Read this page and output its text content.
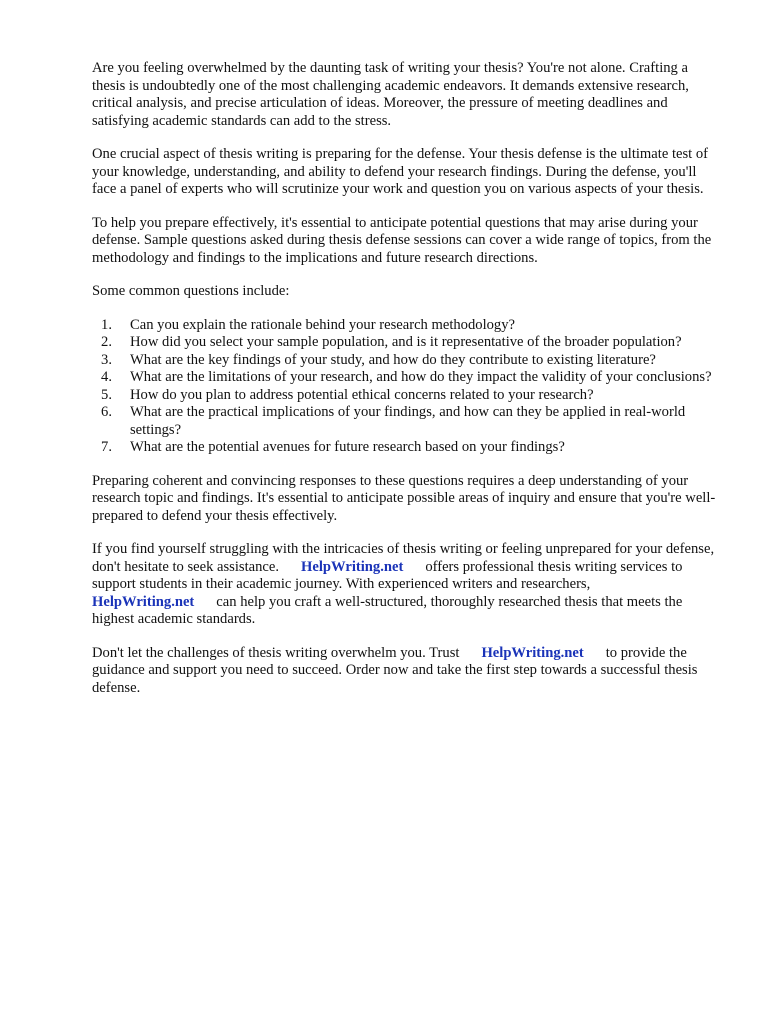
Are you feeling overwhelmed by the daunting task of writing your thesis? You're not alone. Crafting a thesis is undoubtedly one of the most challenging academic endeavors. It demands extensive research, critical analysis, and precise articulation of ideas. Moreover, the pressure of meeting deadlines and satisfying academic standards can add to the stress.

One crucial aspect of thesis writing is preparing for the defense. Your thesis defense is the ultimate test of your knowledge, understanding, and ability to defend your research findings. During the defense, you'll face a panel of experts who will scrutinize your work and question you on various aspects of your thesis.

To help you prepare effectively, it's essential to anticipate potential questions that may arise during your defense. Sample questions asked during thesis defense sessions can cover a wide range of topics, from the methodology and findings to the implications and future research directions.

Some common questions include:

1.	Can you explain the rationale behind your research methodology?
2.	How did you select your sample population, and is it representative of the broader population?
3.	What are the key findings of your study, and how do they contribute to existing literature?
4.	What are the limitations of your research, and how do they impact the validity of your conclusions?
5.	How do you plan to address potential ethical concerns related to your research?
6.	What are the practical implications of your findings, and how can they be applied in real-world settings?
7.	What are the potential avenues for future research based on your findings?

Preparing coherent and convincing responses to these questions requires a deep understanding of your research topic and findings. It's essential to anticipate possible areas of inquiry and ensure that you're well-prepared to defend your thesis effectively.

If you find yourself struggling with the intricacies of thesis writing or feeling unprepared for your defense, don't hesitate to seek assistance. HelpWriting.net offers professional thesis writing services to support students in their academic journey. With experienced writers and researchers, HelpWriting.net can help you craft a well-structured, thoroughly researched thesis that meets the highest academic standards.

Don't let the challenges of thesis writing overwhelm you. Trust HelpWriting.net to provide the guidance and support you need to succeed. Order now and take the first step towards a successful thesis defense.
